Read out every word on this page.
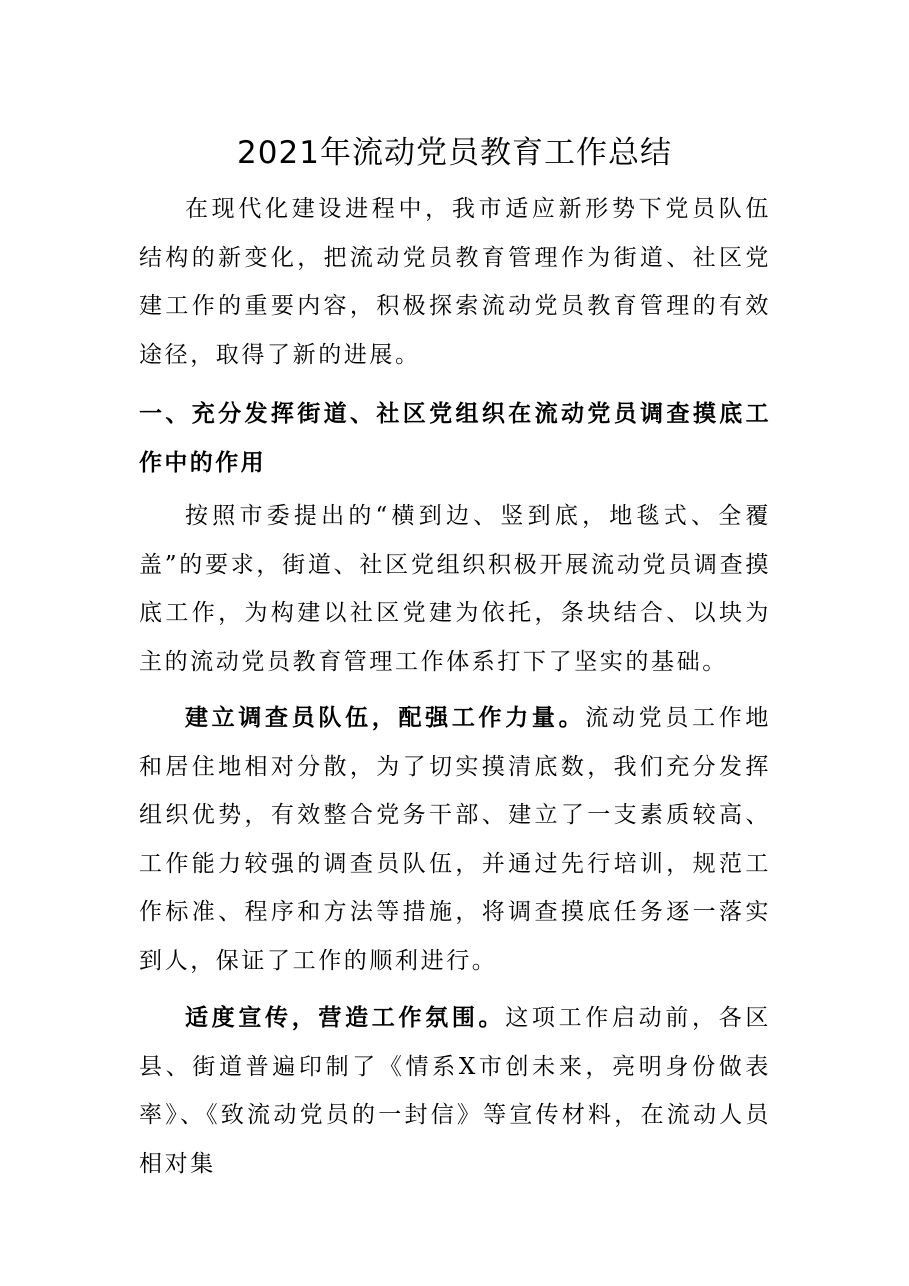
2021年流动党员教育工作总结

在现代化建设进程中，我市适应新形势下党员队伍结构的新变化，把流动党员教育管理作为街道、社区党建工作的重要内容，积极探索流动党员教育管理的有效途径，取得了新的进展。

一、充分发挥街道、社区党组织在流动党员调查摸底工作中的作用

按照市委提出的“横到边、竖到底，地毯式、全覆盖”的要求，街道、社区党组织积极开展流动党员调查摸底工作，为构建以社区党建为依托，条块结合、以块为主的流动党员教育管理工作体系打下了坚实的基础。

建立调查员队伍，配强工作力量。流动党员工作地和居住地相对分散，为了切实摸清底数，我们充分发挥组织优势，有效整合党务干部、建立了一支素质较高、工作能力较强的调查员队伍，并通过先行培训，规范工作标准、程序和方法等措施，将调查摸底任务逐一落实到人，保证了工作的顺利进行。

适度宣传，营造工作氛围。这项工作启动前，各区县、街道普遍印制了《情系X市创未来，亮明身份做表率》、《致流动党员的一封信》等宣传材料，在流动人员相对集
